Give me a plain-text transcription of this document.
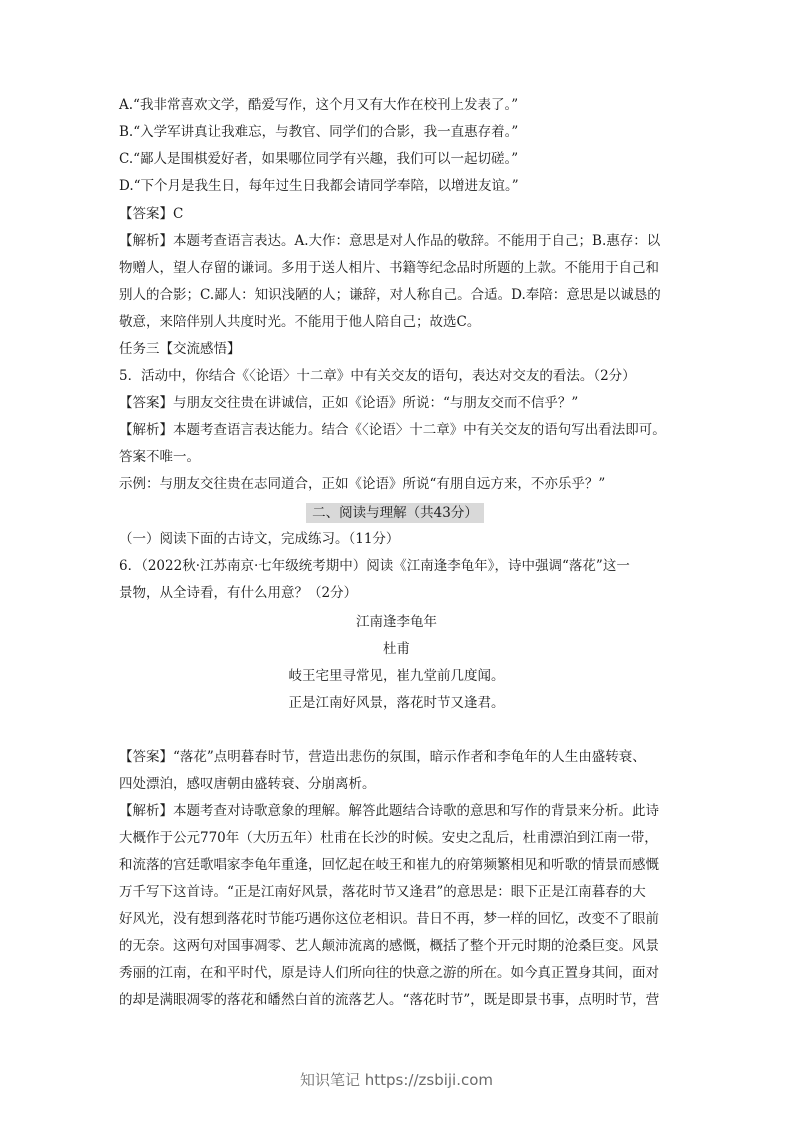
A.“我非常喜欢文学，酷爱写作，这个月又有大作在校刊上发表了。”
B.“入学军讲真让我难忘，与教官、同学们的合影，我一直惠存着。”
C.“鄙人是围棋爱好者，如果哪位同学有兴趣，我们可以一起切磋。”
D.“下个月是我生日，每年过生日我都会请同学奉陪，以增进友谊。”
【答案】C
【解析】本题考查语言表达。A.大作：意思是对人作品的敬辞。不能用于自己；B.惠存：以
物赠人，望人存留的谦词。多用于送人相片、书籍等纪念品时所题的上款。不能用于自己和
别人的合影；C.鄙人：知识浅陋的人；谦辞，对人称自己。合适。D.奉陪：意思是以诚恳的
敬意，来陪伴别人共度时光。不能用于他人陪自己；故选C。
任务三【交流感悟】
5．活动中，你结合《〈论语〉十二章》中有关交友的语句，表达对交友的看法。（2分）
【答案】与朋友交往贵在讲诚信，正如《论语》所说：“与朋友交而不信乎？”
【解析】本题考查语言表达能力。结合《〈论语〉十二章》中有关交友的语句写出看法即可。
答案不唯一。
示例：与朋友交往贵在志同道合，正如《论语》所说“有朋自远方来，不亦乐乎？”
二、阅读与理解（共43分）
（一）阅读下面的古诗文，完成练习。（11分）
6．（2022秋·江苏南京·七年级统考期中）阅读《江南逢李龟年》，诗中强调“落花”这一
景物，从全诗看，有什么用意？（2分）
江南逢李龟年
杜甫
岐王宅里寻常见，崔九堂前几度闻。
正是江南好风景，落花时节又逢君。
【答案】“落花”点明暮春时节，营造出悲伤的氛围，暗示作者和李龟年的人生由盛转衰、
四处漂泊，感叹唐朝由盛转衰、分崩离析。
【解析】本题考查对诗歌意象的理解。解答此题结合诗歌的意思和写作的背景来分析。此诗
大概作于公元770年（大历五年）杜甫在长沙的时候。安史之乱后，杜甫漂泊到江南一带，
和流落的宫廷歌唱家李龟年重逢，回忆起在岐王和崔九的府第频繁相见和听歌的情景而感慨
万千写下这首诗。“正是江南好风景，落花时节又逢君”的意思是：眼下正是江南暮春的大
好风光，没有想到落花时节能巧遇你这位老相识。昔日不再，梦一样的回忆，改变不了眼前
的无奈。这两句对国事凋零、艺人颠沛流离的感慨，概括了整个开元时期的沧桑巨变。风景
秀丽的江南，在和平时代，原是诗人们所向往的快意之游的所在。如今真正置身其间，面对
的却是满眼凋零的落花和皤然白首的流落艺人。“落花时节”，既是即景书事，点明时节，营
知识笔记 https://zsbiji.com
